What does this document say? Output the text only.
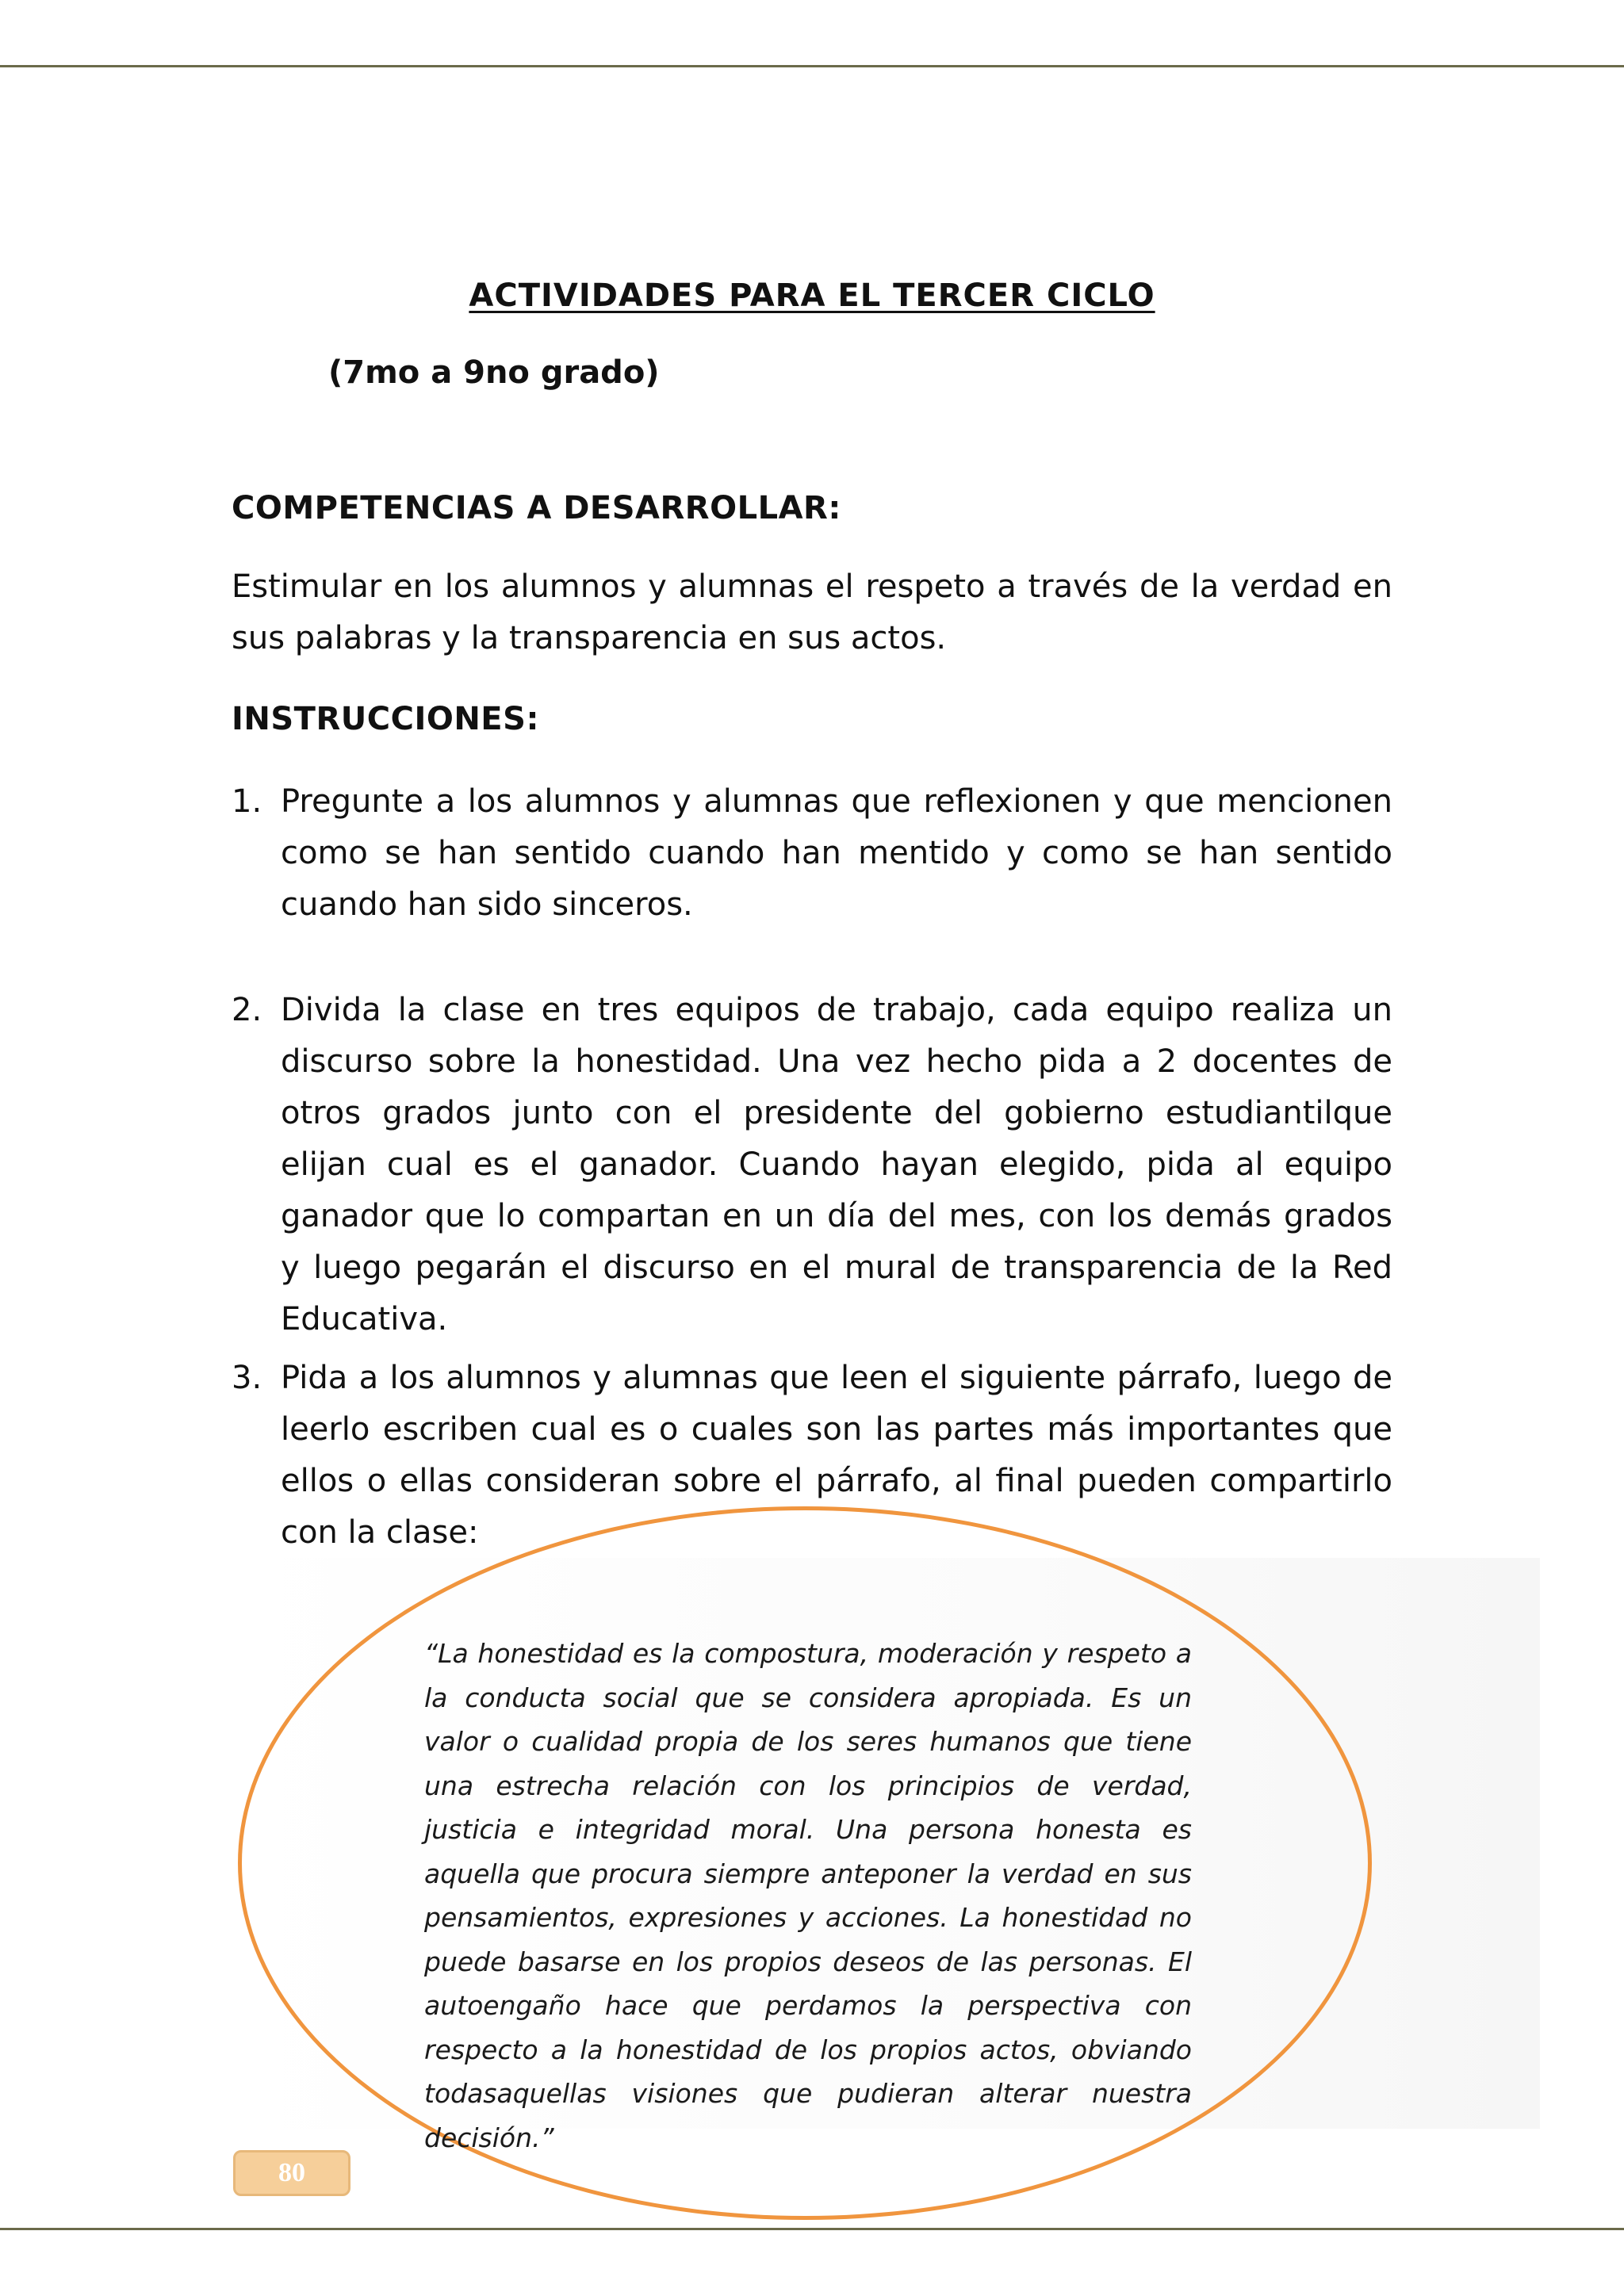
ACTIVIDADES PARA EL TERCER CICLO
(7mo a 9no grado)
COMPETENCIAS A DESARROLLAR:
Estimular en los alumnos y alumnas el respeto a través de la verdad en sus palabras y la transparencia en sus actos.
INSTRUCCIONES:
1. Pregunte a los alumnos y alumnas que reflexionen y que mencionen como se han sentido cuando han mentido y como se han sentido cuando han sido sinceros.
2. Divida la clase en tres equipos de trabajo, cada equipo realiza un discurso sobre la honestidad. Una vez hecho pida a 2 docentes de otros grados junto con el presidente del gobierno estudiantilque elijan cual es el ganador. Cuando hayan elegido, pida al equipo ganador que lo compartan en un día del mes, con los demás grados y luego pegarán el discurso en el mural de transparencia de la Red Educativa.
3. Pida a los alumnos y alumnas que leen el siguiente párrafo, luego de leerlo escriben cual es o cuales son las partes más importantes que ellos o ellas consideran sobre el párrafo, al final pueden compartirlo con la clase:
“La honestidad es la compostura, moderación y respeto a la conducta social que se considera apropiada. Es un valor o cualidad propia de los seres humanos que tiene una estrecha relación con los principios de verdad, justicia e integridad moral. Una persona honesta es aquella que procura siempre anteponer la verdad en sus pensamientos, expresiones y acciones. La honestidad no puede basarse en los propios deseos de las personas. El autoengaño hace que perdamos la perspectiva con respecto a la honestidad de los propios actos, obviando todasaquellas visiones que pudieran alterar nuestra decisión.”
80
